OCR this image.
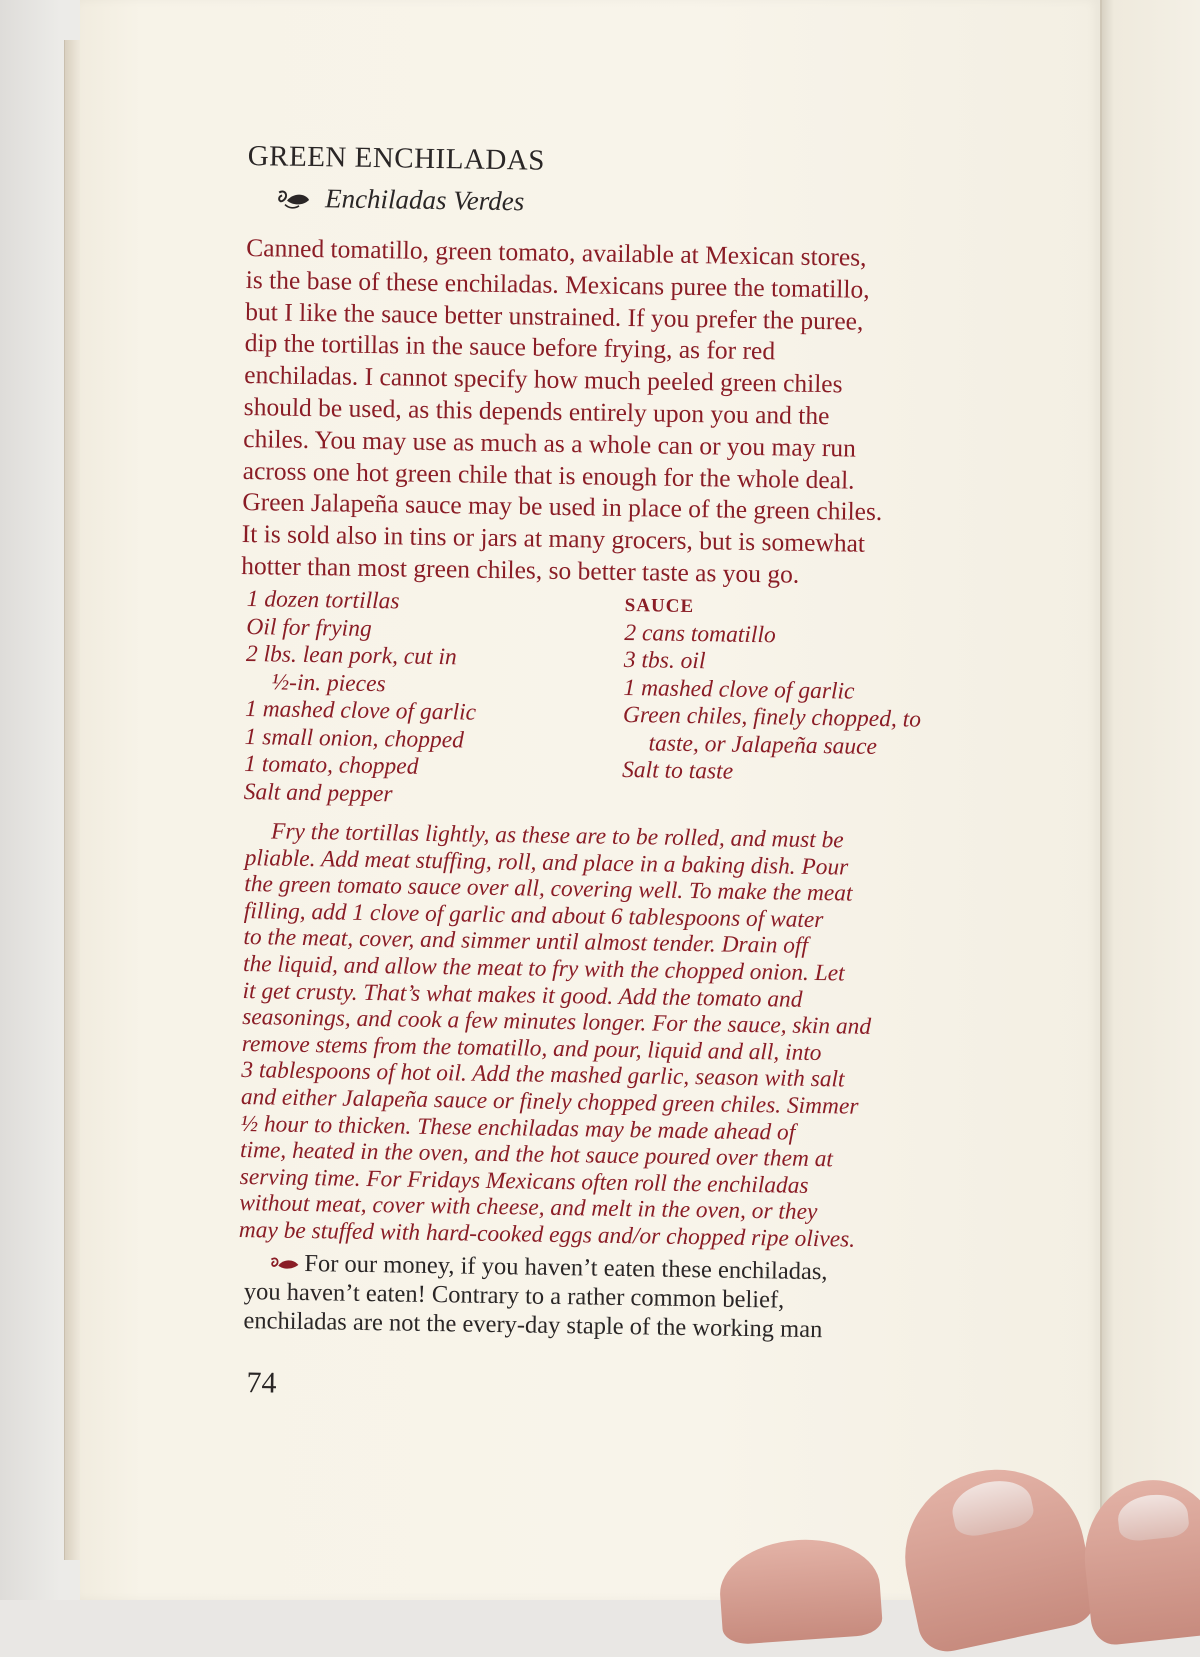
GREEN ENCHILADAS
Enchiladas Verdes
Canned tomatillo, green tomato, available at Mexican stores,
is the base of these enchiladas. Mexicans puree the tomatillo,
but I like the sauce better unstrained. If you prefer the puree,
dip the tortillas in the sauce before frying, as for red
enchiladas. I cannot specify how much peeled green chiles
should be used, as this depends entirely upon you and the
chiles. You may use as much as a whole can or you may run
across one hot green chile that is enough for the whole deal.
Green Jalapeña sauce may be used in place of the green chiles.
It is sold also in tins or jars at many grocers, but is somewhat
hotter than most green chiles, so better taste as you go.
1 dozen tortillas
Oil for frying
2 lbs. lean pork, cut in
½-in. pieces
1 mashed clove of garlic
1 small onion, chopped
1 tomato, chopped
Salt and pepper
SAUCE
2 cans tomatillo
3 tbs. oil
1 mashed clove of garlic
Green chiles, finely chopped, to
taste, or Jalapeña sauce
Salt to taste
Fry the tortillas lightly, as these are to be rolled, and must be
pliable. Add meat stuffing, roll, and place in a baking dish. Pour
the green tomato sauce over all, covering well. To make the meat
filling, add 1 clove of garlic and about 6 tablespoons of water
to the meat, cover, and simmer until almost tender. Drain off
the liquid, and allow the meat to fry with the chopped onion. Let
it get crusty. That’s what makes it good. Add the tomato and
seasonings, and cook a few minutes longer. For the sauce, skin and
remove stems from the tomatillo, and pour, liquid and all, into
3 tablespoons of hot oil. Add the mashed garlic, season with salt
and either Jalapeña sauce or finely chopped green chiles. Simmer
½ hour to thicken. These enchiladas may be made ahead of
time, heated in the oven, and the hot sauce poured over them at
serving time. For Fridays Mexicans often roll the enchiladas
without meat, cover with cheese, and melt in the oven, or they
may be stuffed with hard-cooked eggs and/or chopped ripe olives.
For our money, if you haven’t eaten these enchiladas,
you haven’t eaten! Contrary to a rather common belief,
enchiladas are not the every-day staple of the working man
74
